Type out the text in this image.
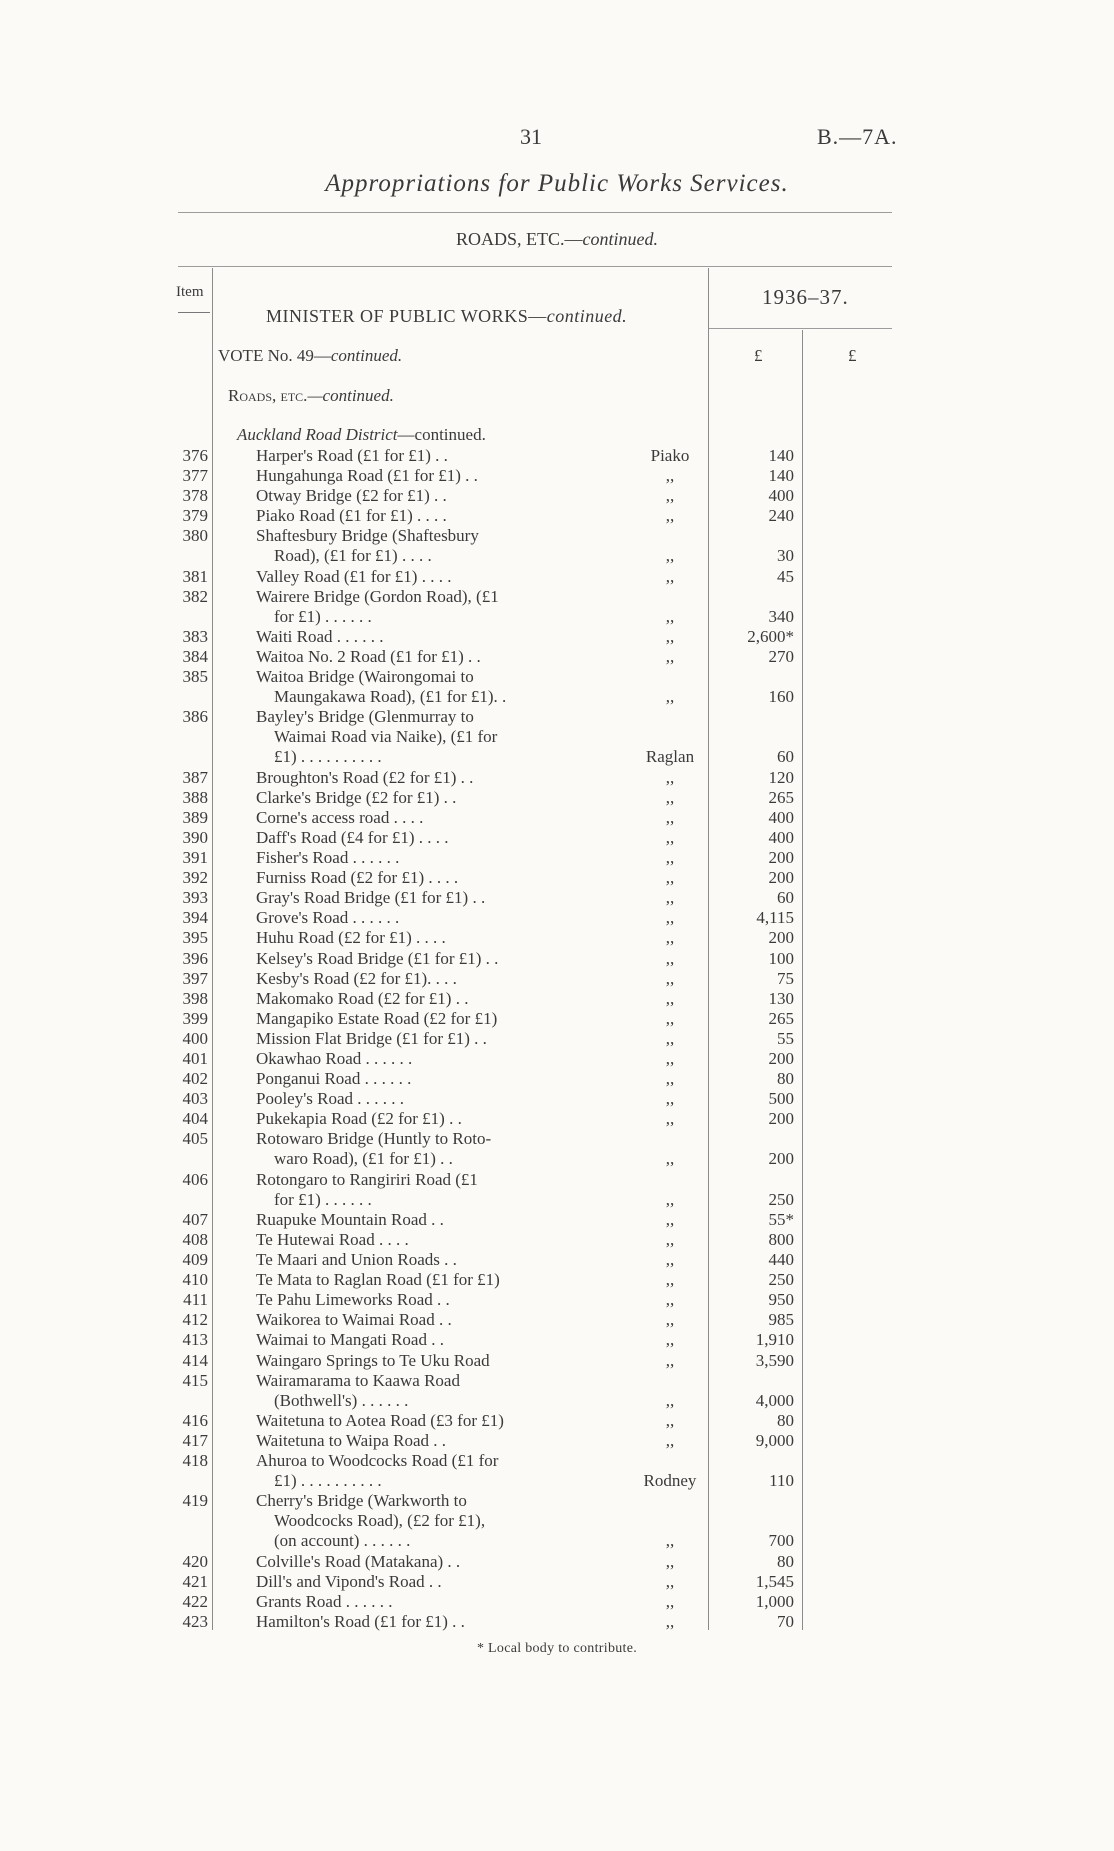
31	B.—7A.
Appropriations for Public Works Services.
ROADS, ETC.—continued.
Item
MINISTER OF PUBLIC WORKS—continued.
1936–37.
VOTE No. 49—continued.	£	£
Roads, etc.—continued.
Auckland Road District—continued.
376	Harper's Road (£1 for £1) . .	Piako	140
377	Hungahunga Road (£1 for £1) . .	,,	140
378	Otway Bridge (£2 for £1) . .	,,	400
379	Piako Road (£1 for £1) . . . .	,,	240
380	Shaftesbury Bridge (Shaftesbury
Road), (£1 for £1) . . . .	,,	30
381	Valley Road (£1 for £1) . . . .	,,	45
382	Wairere Bridge (Gordon Road), (£1
for £1) . . . . . .	,,	340
383	Waiti Road . . . . . .	,,	2,600*
384	Waitoa No. 2 Road (£1 for £1) . .	,,	270
385	Waitoa Bridge (Wairongomai to
Maungakawa Road), (£1 for £1). .	,,	160
386	Bayley's Bridge (Glenmurray to
Waimai Road via Naike), (£1 for
£1) . . . . . . . . . .	Raglan	60
387	Broughton's Road (£2 for £1) . .	,,	120
388	Clarke's Bridge (£2 for £1) . .	,,	265
389	Corne's access road . . . .	,,	400
390	Daff's Road (£4 for £1) . . . .	,,	400
391	Fisher's Road . . . . . .	,,	200
392	Furniss Road (£2 for £1) . . . .	,,	200
393	Gray's Road Bridge (£1 for £1) . .	,,	60
394	Grove's Road . . . . . .	,,	4,115
395	Huhu Road (£2 for £1) . . . .	,,	200
396	Kelsey's Road Bridge (£1 for £1) . .	,,	100
397	Kesby's Road (£2 for £1). . . .	,,	75
398	Makomako Road (£2 for £1) . .	,,	130
399	Mangapiko Estate Road (£2 for £1)	,,	265
400	Mission Flat Bridge (£1 for £1) . .	,,	55
401	Okawhao Road . . . . . .	,,	200
402	Ponganui Road . . . . . .	,,	80
403	Pooley's Road . . . . . .	,,	500
404	Pukekapia Road (£2 for £1) . .	,,	200
405	Rotowaro Bridge (Huntly to Roto-
waro Road), (£1 for £1) . .	,,	200
406	Rotongaro to Rangiriri Road (£1
for £1) . . . . . .	,,	250
407	Ruapuke Mountain Road . .	,,	55*
408	Te Hutewai Road . . . .	,,	800
409	Te Maari and Union Roads . .	,,	440
410	Te Mata to Raglan Road (£1 for £1)	,,	250
411	Te Pahu Limeworks Road . .	,,	950
412	Waikorea to Waimai Road . .	,,	985
413	Waimai to Mangati Road . .	,,	1,910
414	Waingaro Springs to Te Uku Road	,,	3,590
415	Wairamarama to Kaawa Road
(Bothwell's) . . . . . .	,,	4,000
416	Waitetuna to Aotea Road (£3 for £1)	,,	80
417	Waitetuna to Waipa Road . .	,,	9,000
418	Ahuroa to Woodcocks Road (£1 for
£1) . . . . . . . . . .	Rodney	110
419	Cherry's Bridge (Warkworth to
Woodcocks Road), (£2 for £1),
(on account) . . . . . .	,,	700
420	Colville's Road (Matakana) . .	,,	80
421	Dill's and Vipond's Road . .	,,	1,545
422	Grants Road . . . . . .	,,	1,000
423	Hamilton's Road (£1 for £1) . .	,,	70
* Local body to contribute.
